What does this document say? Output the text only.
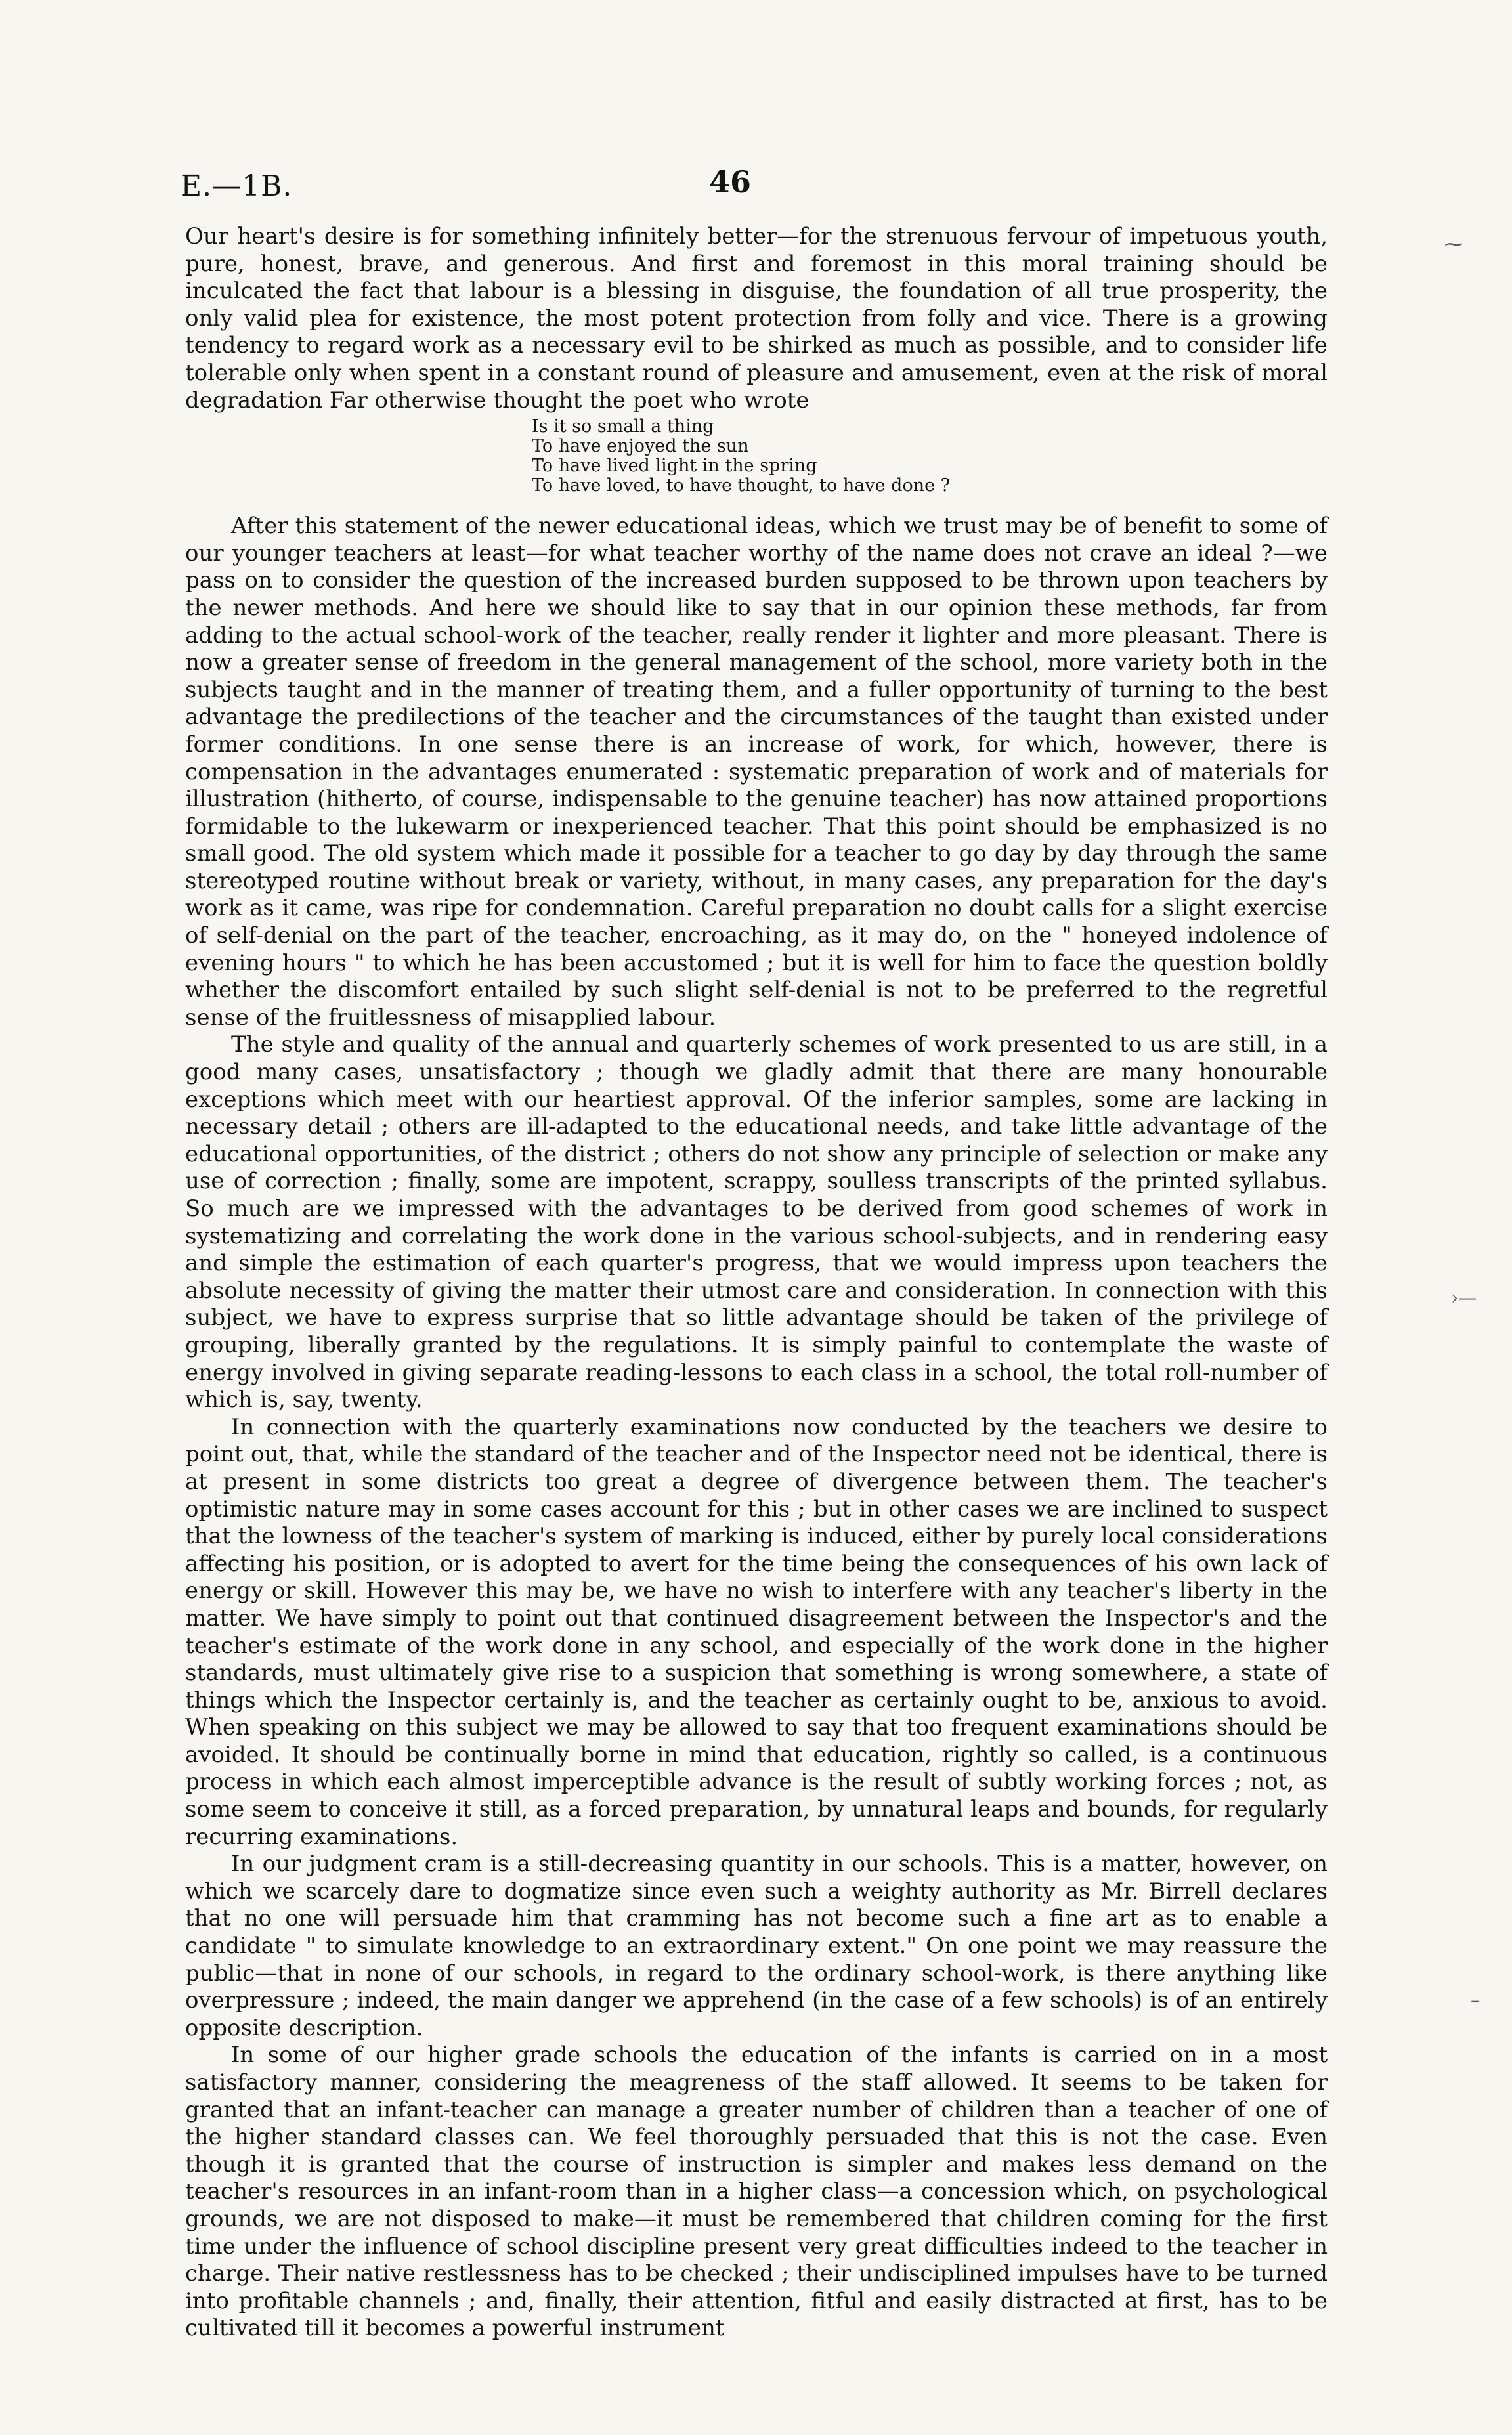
E.—1B.	46

Our heart's desire is for something infinitely better—for the strenuous fervour of impetuous youth, pure, honest, brave, and generous. And first and foremost in this moral training should be inculcated the fact that labour is a blessing in disguise, the foundation of all true prosperity, the only valid plea for existence, the most potent protection from folly and vice. There is a growing tendency to regard work as a necessary evil to be shirked as much as possible, and to consider life tolerable only when spent in a constant round of pleasure and amusement, even at the risk of moral degradation Far otherwise thought the poet who wrote

Is it so small a thing
To have enjoyed the sun
To have lived light in the spring
To have loved, to have thought, to have done ?

After this statement of the newer educational ideas, which we trust may be of benefit to some of our younger teachers at least—for what teacher worthy of the name does not crave an ideal ?—we pass on to consider the question of the increased burden supposed to be thrown upon teachers by the newer methods. And here we should like to say that in our opinion these methods, far from adding to the actual school-work of the teacher, really render it lighter and more pleasant. There is now a greater sense of freedom in the general management of the school, more variety both in the subjects taught and in the manner of treating them, and a fuller opportunity of turning to the best advantage the predilections of the teacher and the circumstances of the taught than existed under former conditions. In one sense there is an increase of work, for which, however, there is compensation in the advantages enumerated : systematic preparation of work and of materials for illustration (hitherto, of course, indispensable to the genuine teacher) has now attained proportions formidable to the lukewarm or inexperienced teacher. That this point should be emphasized is no small good. The old system which made it possible for a teacher to go day by day through the same stereotyped routine without break or variety, without, in many cases, any preparation for the day's work as it came, was ripe for condemnation. Careful preparation no doubt calls for a slight exercise of self-denial on the part of the teacher, encroaching, as it may do, on the " honeyed indolence of evening hours " to which he has been accustomed ; but it is well for him to face the question boldly whether the discomfort entailed by such slight self-denial is not to be preferred to the regretful sense of the fruitlessness of misapplied labour.

The style and quality of the annual and quarterly schemes of work presented to us are still, in a good many cases, unsatisfactory ; though we gladly admit that there are many honourable exceptions which meet with our heartiest approval. Of the inferior samples, some are lacking in necessary detail ; others are ill-adapted to the educational needs, and take little advantage of the educational opportunities, of the district ; others do not show any principle of selection or make any use of correction ; finally, some are impotent, scrappy, soulless transcripts of the printed syllabus. So much are we impressed with the advantages to be derived from good schemes of work in systematizing and correlating the work done in the various school-subjects, and in rendering easy and simple the estimation of each quarter's progress, that we would impress upon teachers the absolute necessity of giving the matter their utmost care and consideration. In connection with this subject, we have to express surprise that so little advantage should be taken of the privilege of grouping, liberally granted by the regulations. It is simply painful to contemplate the waste of energy involved in giving separate reading-lessons to each class in a school, the total roll-number of which is, say, twenty.

In connection with the quarterly examinations now conducted by the teachers we desire to point out, that, while the standard of the teacher and of the Inspector need not be identical, there is at present in some districts too great a degree of divergence between them. The teacher's optimistic nature may in some cases account for this ; but in other cases we are inclined to suspect that the lowness of the teacher's system of marking is induced, either by purely local considerations affecting his position, or is adopted to avert for the time being the consequences of his own lack of energy or skill. However this may be, we have no wish to interfere with any teacher's liberty in the matter. We have simply to point out that continued disagreement between the Inspector's and the teacher's estimate of the work done in any school, and especially of the work done in the higher standards, must ultimately give rise to a suspicion that something is wrong somewhere, a state of things which the Inspector certainly is, and the teacher as certainly ought to be, anxious to avoid. When speaking on this subject we may be allowed to say that too frequent examinations should be avoided. It should be continually borne in mind that education, rightly so called, is a continuous process in which each almost imperceptible advance is the result of subtly working forces ; not, as some seem to conceive it still, as a forced preparation, by unnatural leaps and bounds, for regularly recurring examinations.

In our judgment cram is a still-decreasing quantity in our schools. This is a matter, however, on which we scarcely dare to dogmatize since even such a weighty authority as Mr. Birrell declares that no one will persuade him that cramming has not become such a fine art as to enable a candidate " to simulate knowledge to an extraordinary extent." On one point we may reassure the public—that in none of our schools, in regard to the ordinary school-work, is there anything like overpressure ; indeed, the main danger we apprehend (in the case of a few schools) is of an entirely opposite description.

In some of our higher grade schools the education of the infants is carried on in a most satisfactory manner, considering the meagreness of the staff allowed. It seems to be taken for granted that an infant-teacher can manage a greater number of children than a teacher of one of the higher standard classes can. We feel thoroughly persuaded that this is not the case. Even though it is granted that the course of instruction is simpler and makes less demand on the teacher's resources in an infant-room than in a higher class—a concession which, on psychological grounds, we are not disposed to make—it must be remembered that children coming for the first time under the influence of school discipline present very great difficulties indeed to the teacher in charge. Their native restlessness has to be checked ; their undisciplined impulses have to be turned into profitable channels ; and, finally, their attention, fitful and easily distracted at first, has to be cultivated till it becomes a powerful instrument

⁓
›—
–
